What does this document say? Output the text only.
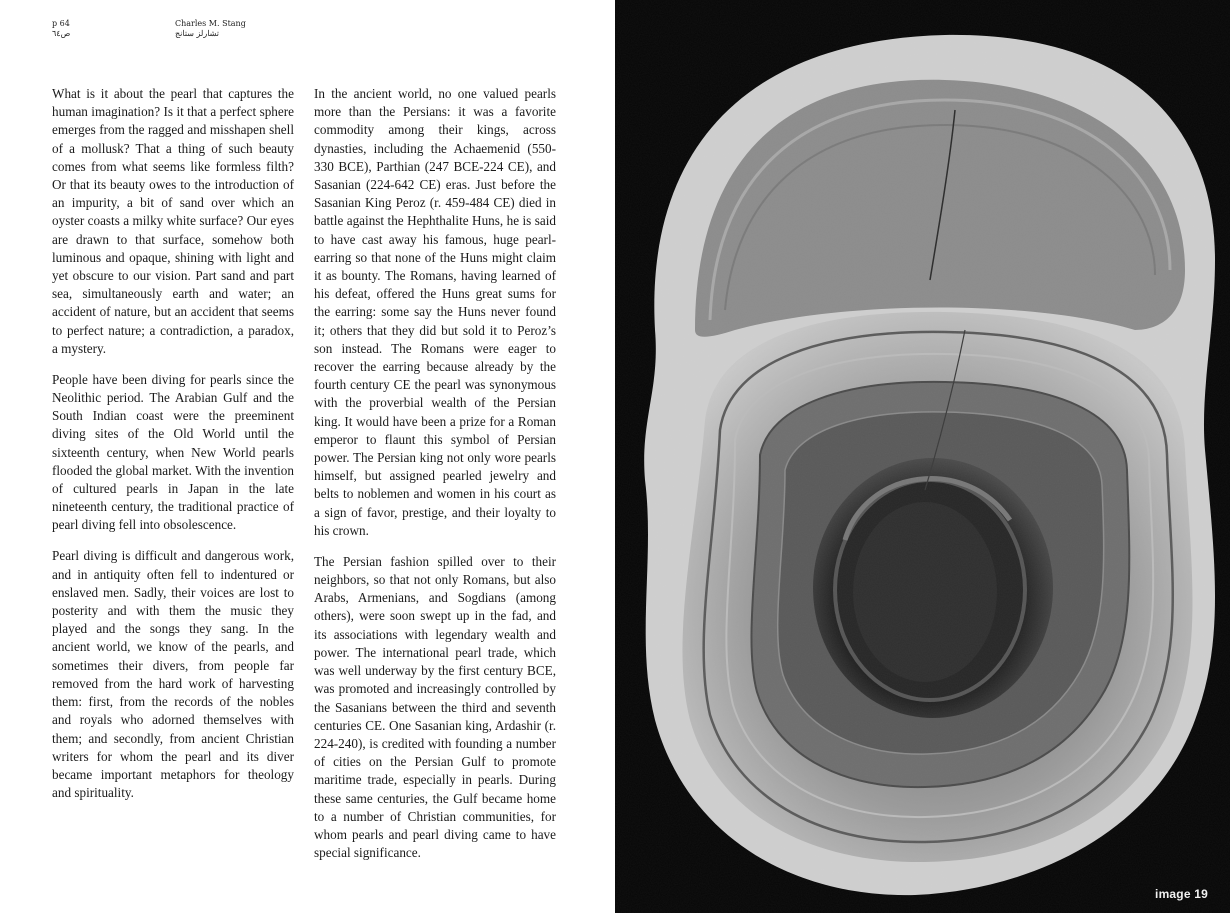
p 64
ص٦٤
Charles M. Stang
تشارلز ستانج

What is it about the pearl that captures the human imagination? Is it that a perfect sphere emerges from the ragged and misshapen shell of a mollusk? That a thing of such beauty comes from what seems like formless filth? Or that its beauty owes to the introduction of an impurity, a bit of sand over which an oyster coasts a milky white surface? Our eyes are drawn to that surface, somehow both luminous and opaque, shining with light and yet obscure to our vision. Part sand and part sea, simultaneously earth and water; an accident of nature, but an accident that seems to perfect nature; a contradiction, a paradox, a mystery.

People have been diving for pearls since the Neolithic period. The Arabian Gulf and the South Indian coast were the preeminent diving sites of the Old World until the sixteenth century, when New World pearls flooded the global market. With the invention of cultured pearls in Japan in the late nineteenth century, the traditional practice of pearl diving fell into obsolescence.

Pearl diving is difficult and dangerous work, and in antiquity often fell to indentured or enslaved men. Sadly, their voices are lost to posterity and with them the music they played and the songs they sang. In the ancient world, we know of the pearls, and sometimes their divers, from people far removed from the hard work of harvesting them: first, from the records of the nobles and royals who adorned themselves with them; and secondly, from ancient Christian writers for whom the pearl and its diver became important metaphors for theology and spirituality.

In the ancient world, no one valued pearls more than the Persians: it was a favorite commodity among their kings, across dynasties, including the Achaemenid (550-330 BCE), Parthian (247 BCE-224 CE), and Sasanian (224-642 CE) eras. Just before the Sasanian King Peroz (r. 459-484 CE) died in battle against the Hephthalite Huns, he is said to have cast away his famous, huge pearl-earring so that none of the Huns might claim it as bounty. The Romans, having learned of his defeat, offered the Huns great sums for the earring: some say the Huns never found it; others that they did but sold it to Peroz’s son instead. The Romans were eager to recover the earring because already by the fourth century CE the pearl was synonymous with the proverbial wealth of the Persian king. It would have been a prize for a Roman emperor to flaunt this symbol of Persian power. The Persian king not only wore pearls himself, but assigned pearled jewelry and belts to noblemen and women in his court as a sign of favor, prestige, and their loyalty to his crown.

The Persian fashion spilled over to their neighbors, so that not only Romans, but also Arabs, Armenians, and Sogdians (among others), were soon swept up in the fad, and its associations with legendary wealth and power. The international pearl trade, which was well underway by the first century BCE, was promoted and increasingly controlled by the Sasanians between the third and seventh centuries CE. One Sasanian king, Ardashir (r. 224-240), is credited with founding a number of cities on the Persian Gulf to promote maritime trade, especially in pearls. During these same centuries, the Gulf became home to a number of Christian communities, for whom pearls and pearl diving came to have special significance.

image 19
